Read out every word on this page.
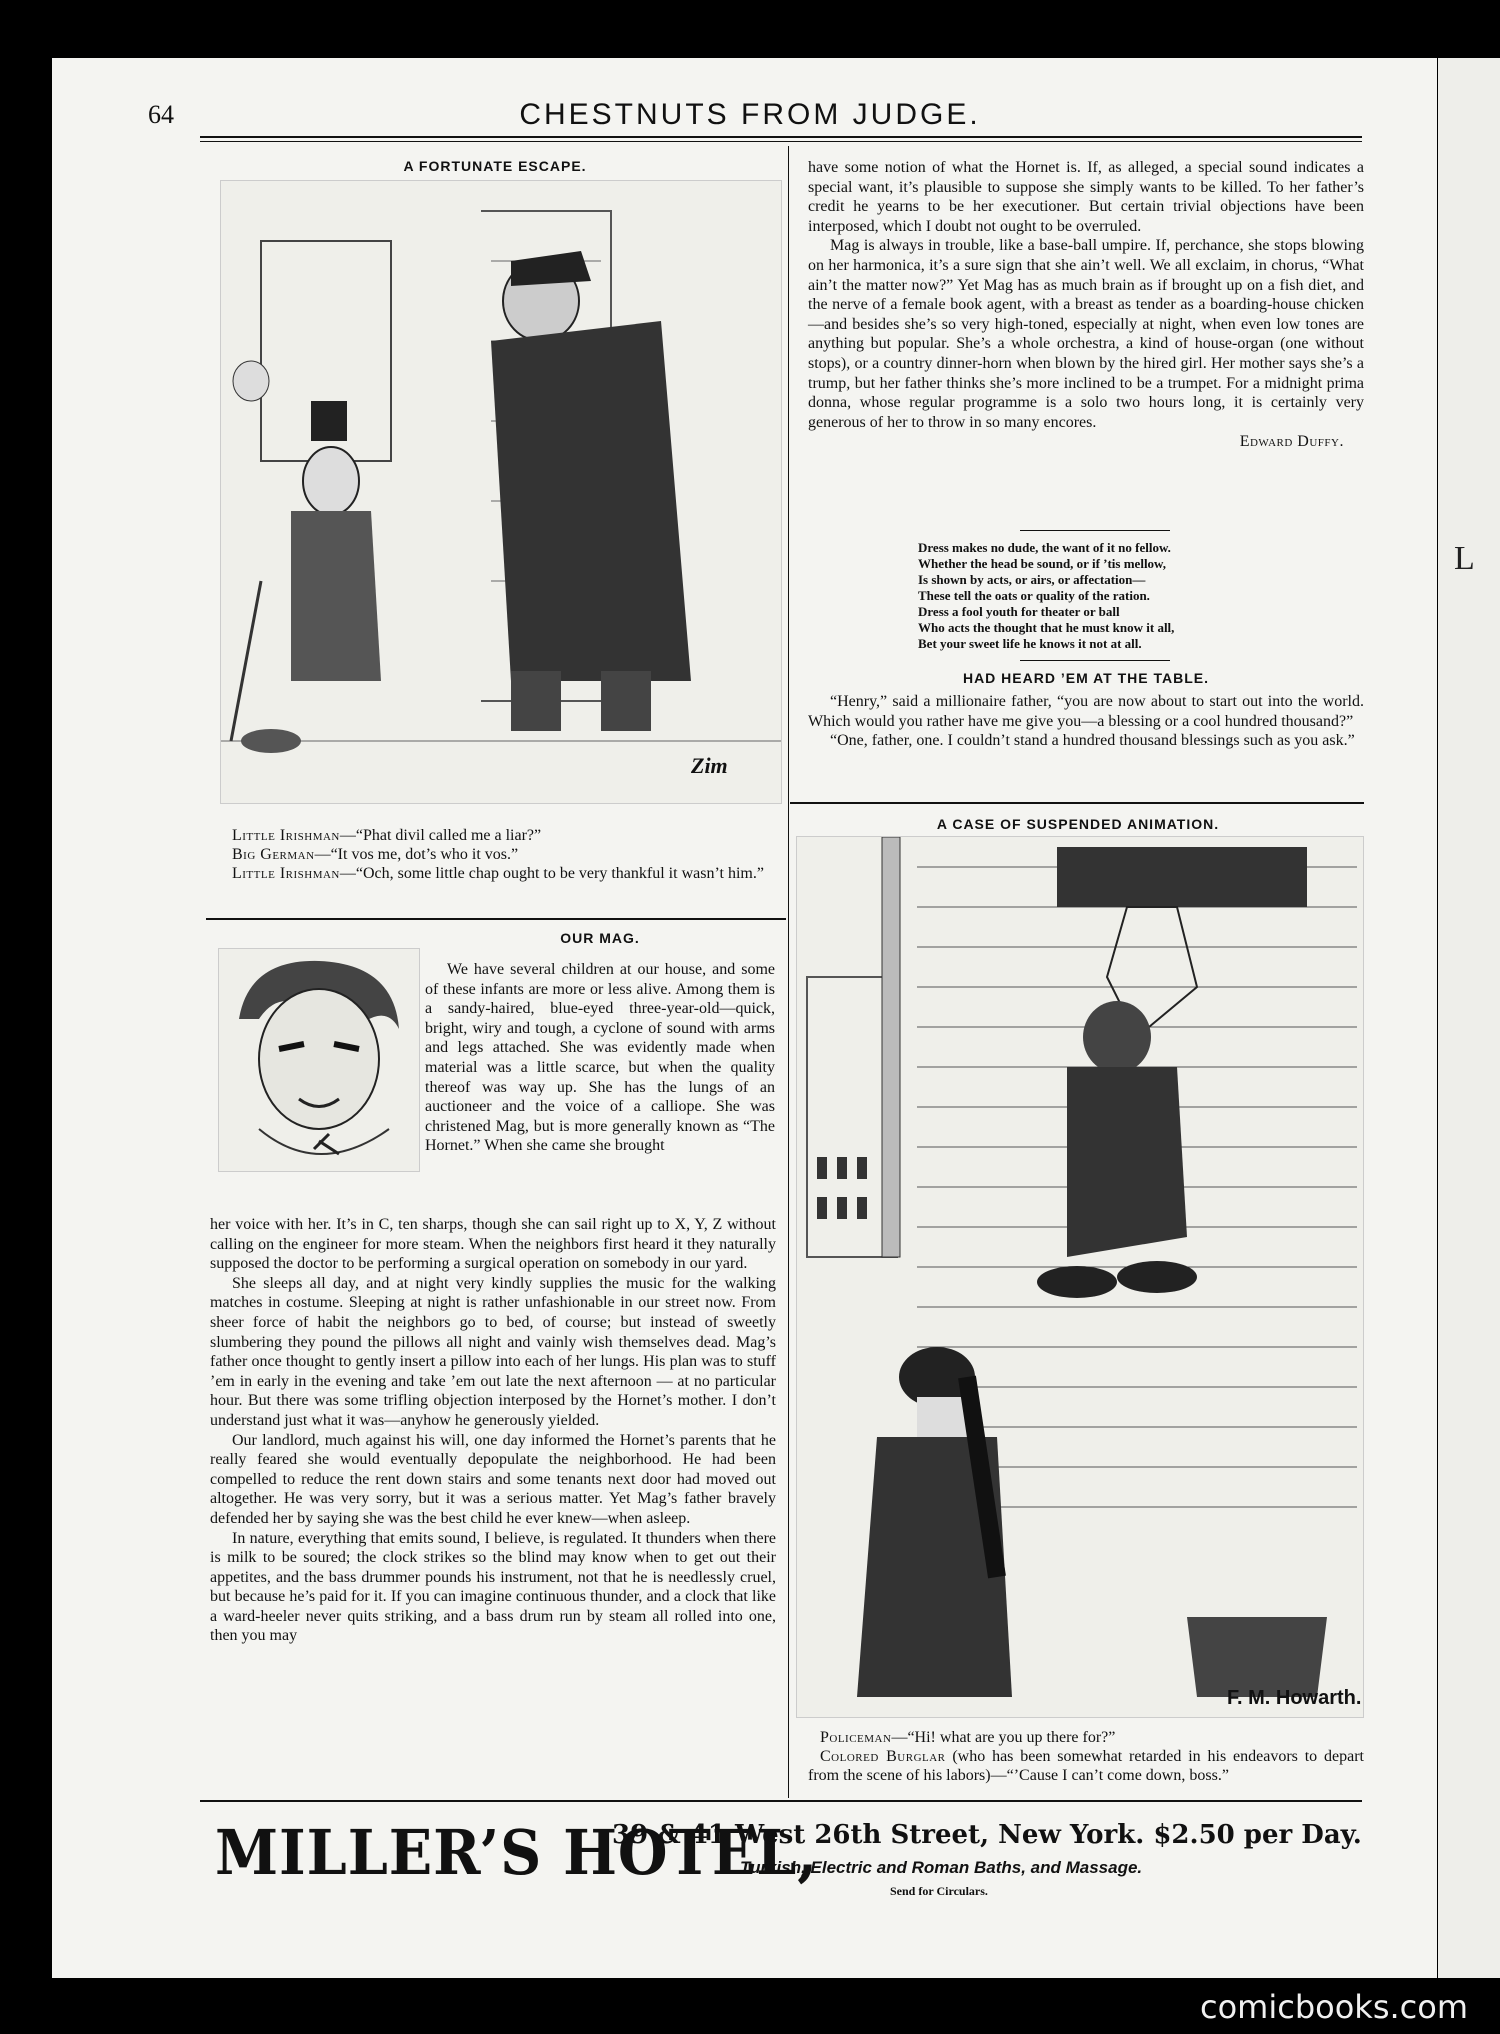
L
64	CHESTNUTS FROM JUDGE.
A FORTUNATE ESCAPE.
Zim
Little Irishman—“Phat divil called me a liar?”
Big German—“It vos me, dot’s who it vos.”
Little Irishman—“Och, some little chap ought to be very thankful it wasn’t him.”
OUR MAG.

We have several children at our house, and some of these infants are more or less alive. Among them is a sandy-haired, blue-eyed three-year-old—quick, bright, wiry and tough, a cyclone of sound with arms and legs attached. She was evidently made when material was a little scarce, but when the quality thereof was way up. She has the lungs of an auctioneer and the voice of a calliope. She was christened Mag, but is more generally known as “The Hornet.” When she came she brought

her voice with her. It’s in C, ten sharps, though she can sail right up to X, Y, Z without calling on the engineer for more steam. When the neighbors first heard it they naturally supposed the doctor to be performing a surgical operation on somebody in our yard.

She sleeps all day, and at night very kindly supplies the music for the walking matches in costume. Sleeping at night is rather unfashionable in our street now. From sheer force of habit the neighbors go to bed, of course; but instead of sweetly slumbering they pound the pillows all night and vainly wish themselves dead. Mag’s father once thought to gently insert a pillow into each of her lungs. His plan was to stuff ’em in early in the evening and take ’em out late the next afternoon — at no particular hour. But there was some trifling objection interposed by the Hornet’s mother. I don’t understand just what it was—anyhow he generously yielded.

Our landlord, much against his will, one day informed the Hornet’s parents that he really feared she would eventually depopulate the neighborhood. He had been compelled to reduce the rent down stairs and some tenants next door had moved out altogether. He was very sorry, but it was a serious matter. Yet Mag’s father bravely defended her by saying she was the best child he ever knew—when asleep.

In nature, everything that emits sound, I believe, is regulated. It thunders when there is milk to be soured; the clock strikes so the blind may know when to get out their appetites, and the bass drummer pounds his instrument, not that he is needlessly cruel, but because he’s paid for it. If you can imagine continuous thunder, and a clock that like a ward-heeler never quits striking, and a bass drum run by steam all rolled into one, then you may

have some notion of what the Hornet is. If, as alleged, a special sound indicates a special want, it’s plausible to suppose she simply wants to be killed. To her father’s credit he yearns to be her executioner. But certain trivial objections have been interposed, which I doubt not ought to be overruled.

Mag is always in trouble, like a base-ball umpire. If, perchance, she stops blowing on her harmonica, it’s a sure sign that she ain’t well. We all exclaim, in chorus, “What ain’t the matter now?” Yet Mag has as much brain as if brought up on a fish diet, and the nerve of a female book agent, with a breast as tender as a boarding-house chicken—and besides she’s so very high-toned, especially at night, when even low tones are anything but popular. She’s a whole orchestra, a kind of house-organ (one without stops), or a country dinner-horn when blown by the hired girl. Her mother says she’s a trump, but her father thinks she’s more inclined to be a trumpet. For a midnight prima donna, whose regular programme is a solo two hours long, it is certainly very generous of her to throw in so many encores.

Edward Duffy.
Dress makes no dude, the want of it no fellow.
Whether the head be sound, or if ’tis mellow,
Is shown by acts, or airs, or affectation—
These tell the oats or quality of the ration.
Dress a fool youth for theater or ball
Who acts the thought that he must know it all,
Bet your sweet life he knows it not at all.
HAD HEARD ’EM AT THE TABLE.

“Henry,” said a millionaire father, “you are now about to start out into the world. Which would you rather have me give you—a blessing or a cool hundred thousand?”

“One, father, one. I couldn’t stand a hundred thousand blessings such as you ask.”

A CASE OF SUSPENDED ANIMATION.
F. M. Howarth.
Policeman—“Hi! what are you up there for?”
Colored Burglar (who has been somewhat retarded in his endeavors to depart from the scene of his labors)—“’Cause I can’t come down, boss.”
MILLER’S HOTEL,
39 & 41 West 26th Street, New York. $2.50 per Day.
Turkish, Electric and Roman Baths, and Massage.
Send for Circulars.
comicbooks.com
